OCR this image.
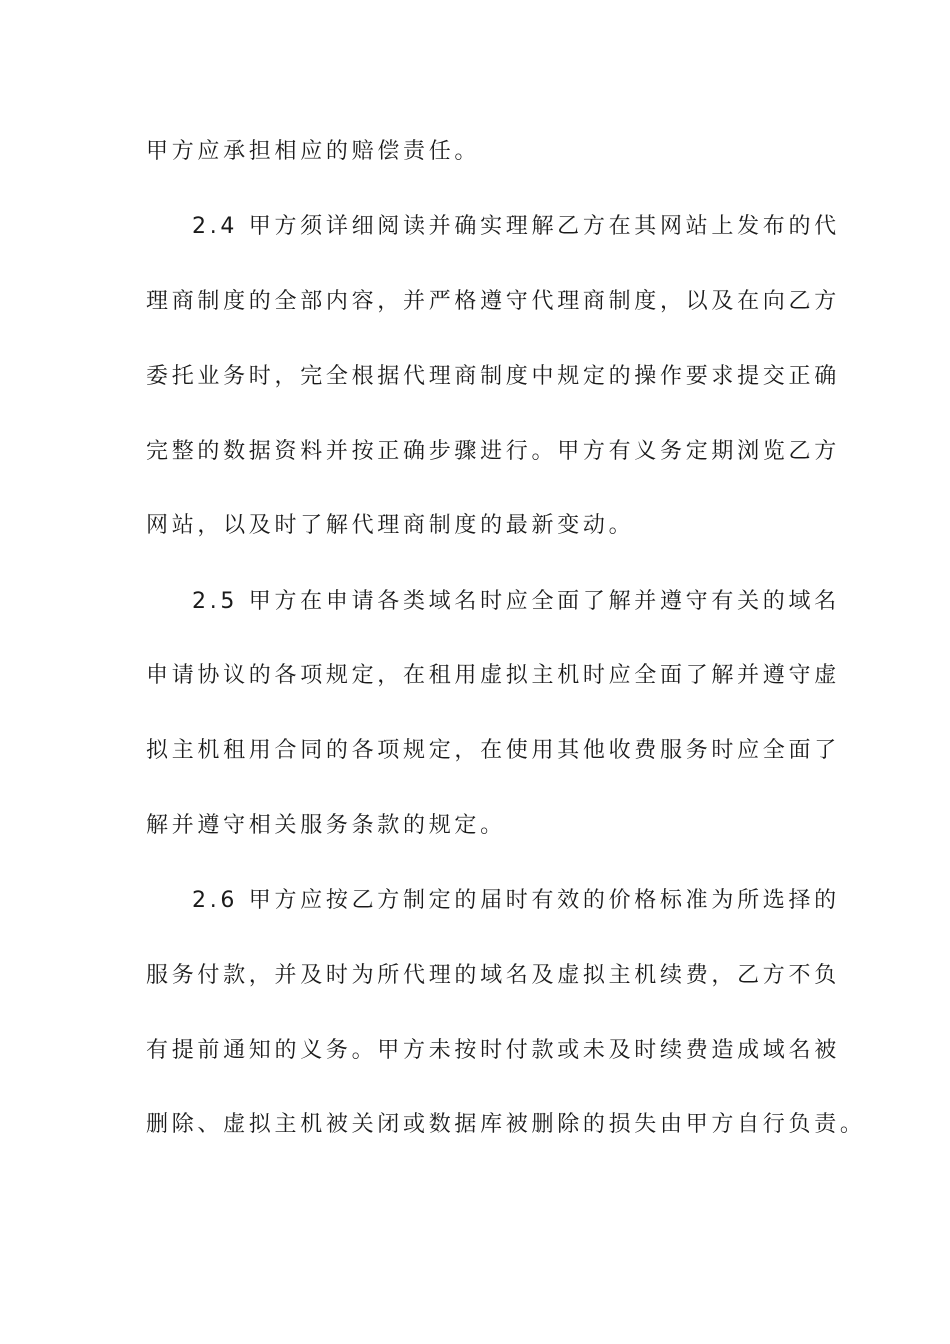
甲方应承担相应的赔偿责任。
2.4 甲方须详细阅读并确实理解乙方在其网站上发布的代
理商制度的全部内容，并严格遵守代理商制度，以及在向乙方
委托业务时，完全根据代理商制度中规定的操作要求提交正确
完整的数据资料并按正确步骤进行。甲方有义务定期浏览乙方
网站，以及时了解代理商制度的最新变动。
2.5 甲方在申请各类域名时应全面了解并遵守有关的域名
申请协议的各项规定，在租用虚拟主机时应全面了解并遵守虚
拟主机租用合同的各项规定，在使用其他收费服务时应全面了
解并遵守相关服务条款的规定。
2.6 甲方应按乙方制定的届时有效的价格标准为所选择的
服务付款，并及时为所代理的域名及虚拟主机续费，乙方不负
有提前通知的义务。甲方未按时付款或未及时续费造成域名被
删除、虚拟主机被关闭或数据库被删除的损失由甲方自行负责。
